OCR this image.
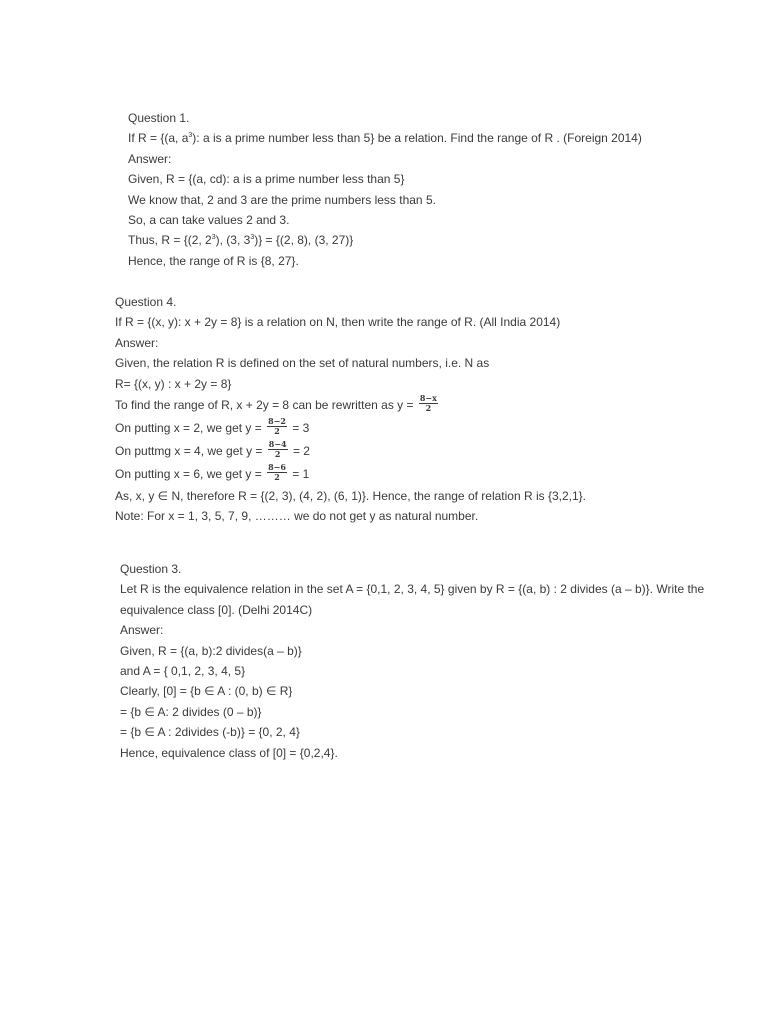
Question 1.
If R = {(a, $a^3$): a is a prime number less than 5} be a relation. Find the range of R . (Foreign 2014)
Answer:
Given, R = {(a, cd): a is a prime number less than 5}
We know that, 2 and 3 are the prime numbers less than 5.
So, a can take values 2 and 3.
Thus, R = {(2, $2^3$), (3, $3^3)\} = \{(2$, 8), (3, 27)}
Hence, the range of R is {8, 27}.
Question 4.
If R = {(x, y): x + 2y = 8} is a relation on N, then write the range of R. (All India 2014)
Answer:
Given, the relation R is defined on the set of natural numbers, i.e. N as
R= {(x, y) : x + 2y = 8}
To find the range of R, x + 2y = 8 can be rewritten as $y = \frac{8-x}{2}$
On putting x = 2, we get $y = \frac{8-2}{2} = 3$
On puttmg x = 4, we get $y = \frac{8-4}{2} = 2$
On putting x = 6, we get $y = \frac{8-6}{2} = 1$
As, x, y ∈ N, therefore R = {(2, 3), (4, 2), (6, 1)}. Hence, the range of relation R is {3,2,1}.
Note: For x = 1, 3, 5, 7, 9, ……… we do not get y as natural number.
Question 3.
Let R is the equivalence relation in the set A = {0,1, 2, 3, 4, 5} given by R = {(a, b) : 2 divides (a – b)}. Write the
equivalence class [0]. (Delhi 2014C)
Answer:
Given, R = {(a, b):2 divides(a – b)}
and A = { 0,1, 2, 3, 4, 5}
Clearly, [0] = {b ∈ A : (0, b) ∈ R}
= {b ∈ A: 2 divides (0 – b)}
= {b ∈ A : 2divides (-b)} = {0, 2, 4}
Hence, equivalence class of [0] = {0,2,4}.
